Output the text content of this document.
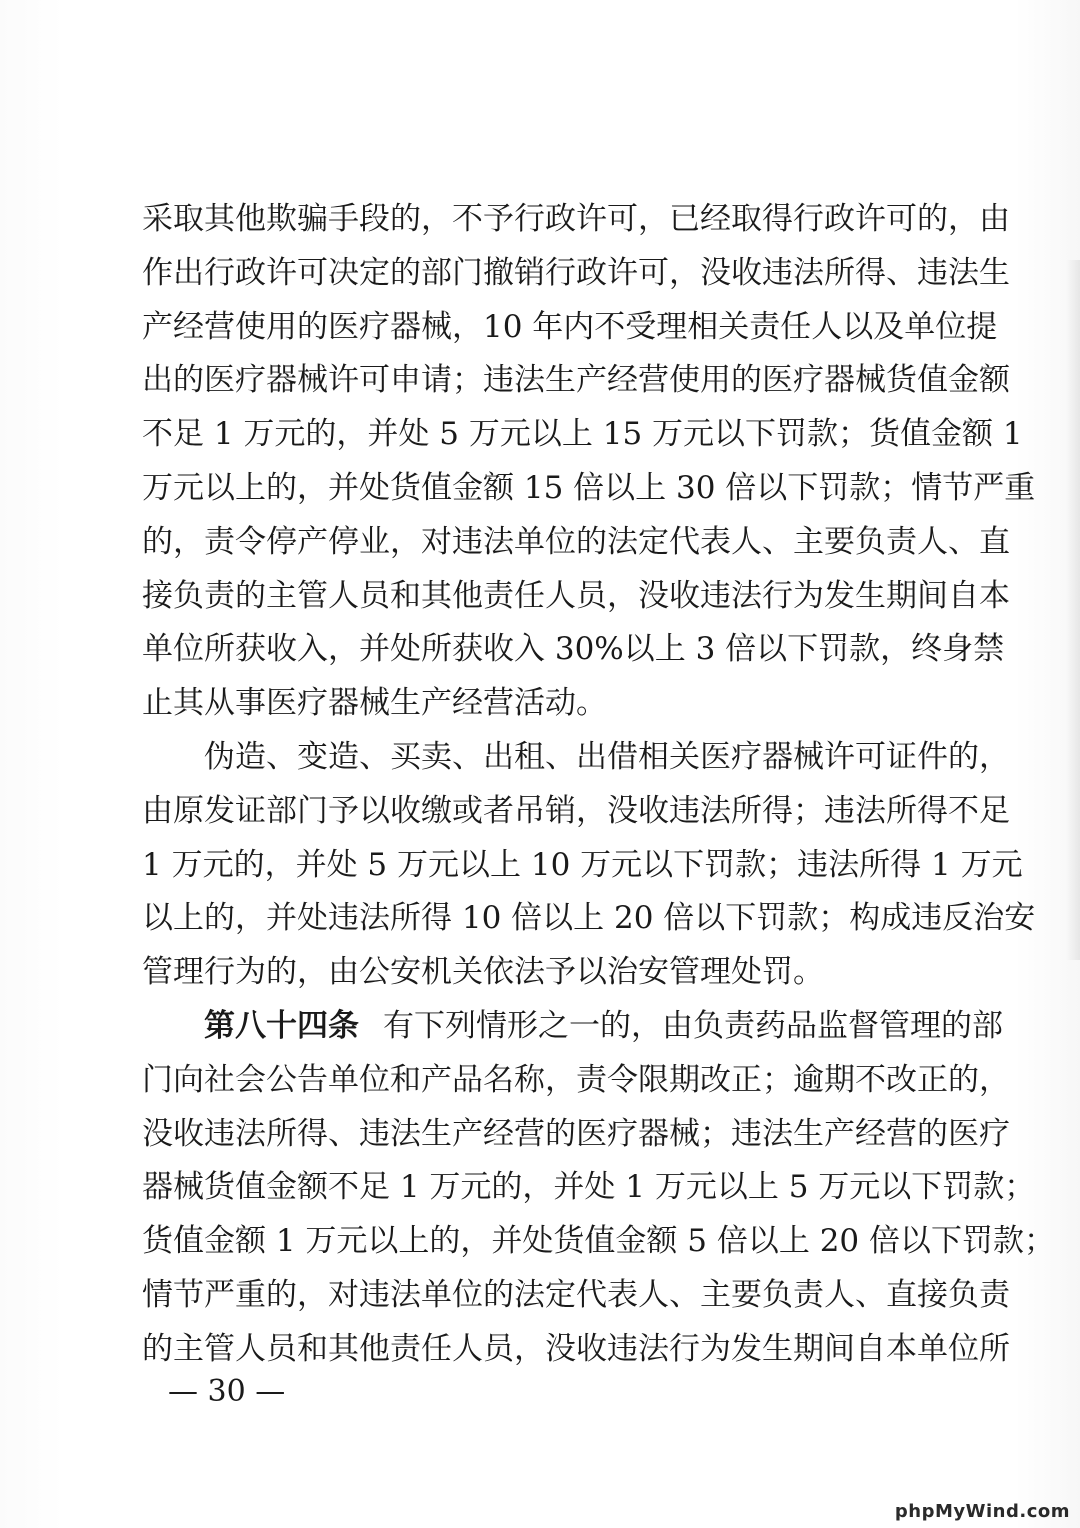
采取其他欺骗手段的，不予行政许可，已经取得行政许可的，由
作出行政许可决定的部门撤销行政许可，没收违法所得、违法生
产经营使用的医疗器械，10 年内不受理相关责任人以及单位提
出的医疗器械许可申请；违法生产经营使用的医疗器械货值金额
不足 1 万元的，并处 5 万元以上 15 万元以下罚款；货值金额 1
万元以上的，并处货值金额 15 倍以上 30 倍以下罚款；情节严重
的，责令停产停业，对违法单位的法定代表人、主要负责人、直
接负责的主管人员和其他责任人员，没收违法行为发生期间自本
单位所获收入，并处所获收入 30%以上 3 倍以下罚款，终身禁
止其从事医疗器械生产经营活动。
伪造、变造、买卖、出租、出借相关医疗器械许可证件的，
由原发证部门予以收缴或者吊销，没收违法所得；违法所得不足
1 万元的，并处 5 万元以上 10 万元以下罚款；违法所得 1 万元
以上的，并处违法所得 10 倍以上 20 倍以下罚款；构成违反治安
管理行为的，由公安机关依法予以治安管理处罚。
第八十四条 有下列情形之一的，由负责药品监督管理的部
门向社会公告单位和产品名称，责令限期改正；逾期不改正的，
没收违法所得、违法生产经营的医疗器械；违法生产经营的医疗
器械货值金额不足 1 万元的，并处 1 万元以上 5 万元以下罚款；
货值金额 1 万元以上的，并处货值金额 5 倍以上 20 倍以下罚款；
情节严重的，对违法单位的法定代表人、主要负责人、直接负责
的主管人员和其他责任人员，没收违法行为发生期间自本单位所
— 30 —
phpMyWind.com
